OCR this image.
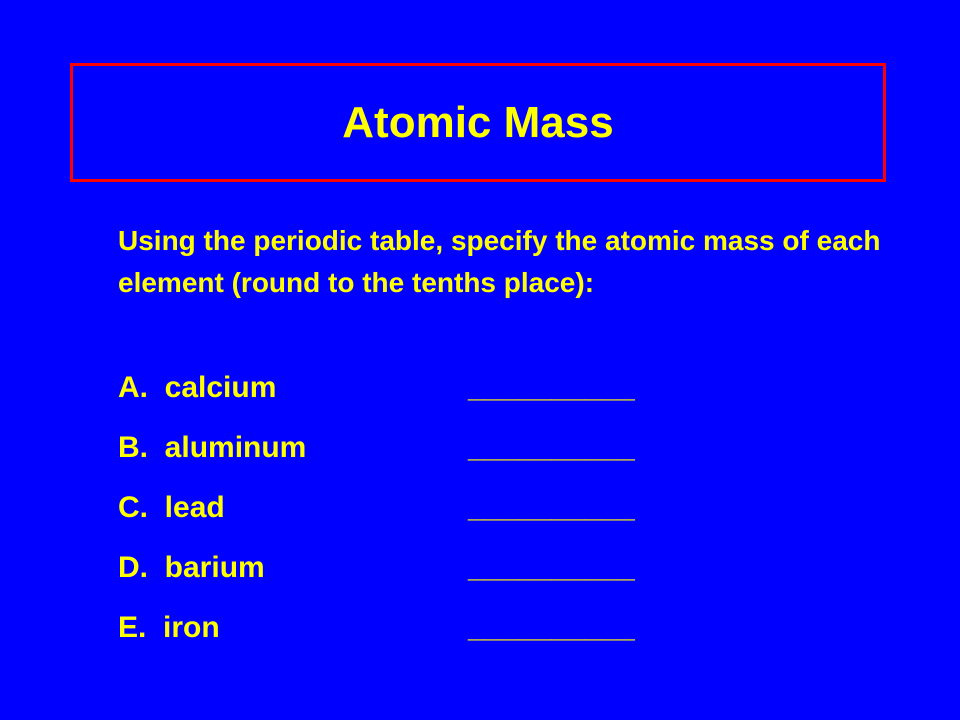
Atomic Mass

Using the periodic table, specify the atomic mass of each element (round to the tenths place):

A.  calcium	__________
B.  aluminum	__________
C.  lead	__________
D.  barium	__________
E.  iron	__________
